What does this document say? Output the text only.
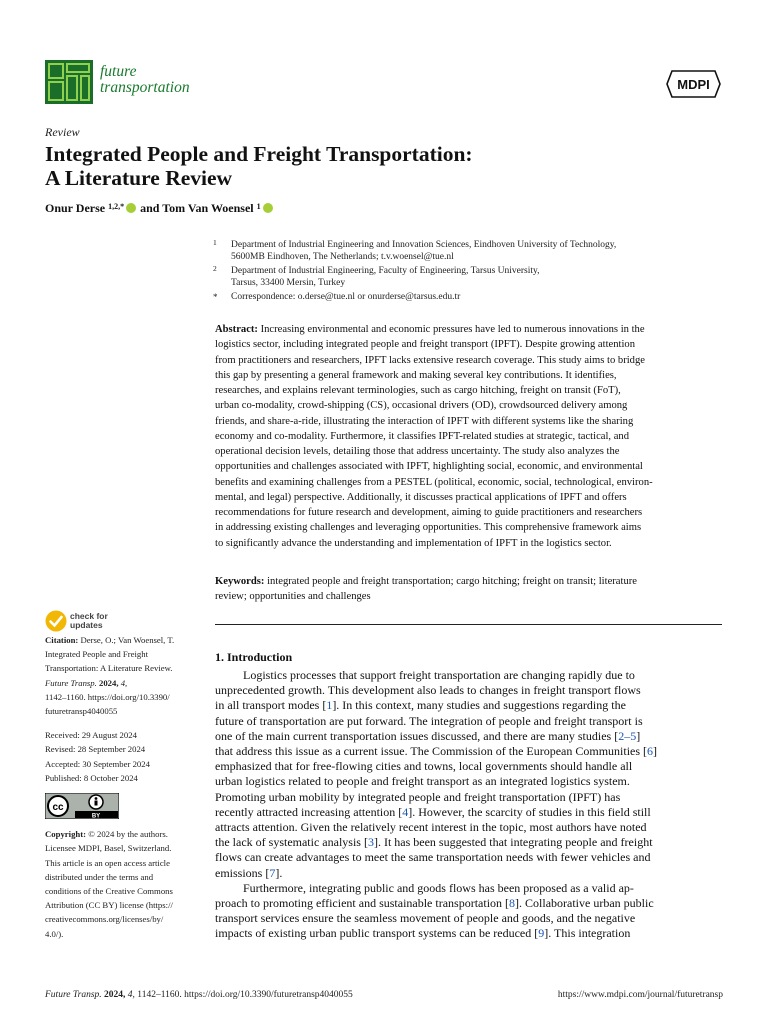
future
transportation	MDPI
Review
Integrated People and Freight Transportation:
A Literature Review
Onur Derse $^{1,2,*}$ and Tom Van Woensel $^1$
1 Department of Industrial Engineering and Innovation Sciences, Eindhoven University of Technology,
5600MB Eindhoven, The Netherlands; t.v.woensel@tue.nl
2 Department of Industrial Engineering, Faculty of Engineering, Tarsus University,
Tarsus, 33400 Mersin, Turkey
* Correspondence: o.derse@tue.nl or onurderse@tarsus.edu.tr

Abstract: Increasing environmental and economic pressures have led to numerous innovations in the

logistics sector, including integrated people and freight transport (IPFT). Despite growing attention

from practitioners and researchers, IPFT lacks extensive research coverage. This study aims to bridge

this gap by presenting a general framework and making several key contributions. It identifies,

researches, and explains relevant terminologies, such as cargo hitching, freight on transit (FoT),

urban co-modality, crowd-shipping (CS), occasional drivers (OD), crowdsourced delivery among

friends, and share-a-ride, illustrating the interaction of IPFT with different systems like the sharing

economy and co-modality. Furthermore, it classifies IPFT-related studies at strategic, tactical, and

operational decision levels, detailing those that address uncertainty. The study also analyzes the

opportunities and challenges associated with IPFT, highlighting social, economic, and environmental

benefits and examining challenges from a PESTEL (political, economic, social, technological, environ-

mental, and legal) perspective. Additionally, it discusses practical applications of IPFT and offers

recommendations for future research and development, aiming to guide practitioners and researchers

in addressing existing challenges and leveraging opportunities. This comprehensive framework aims

to significantly advance the understanding and implementation of IPFT in the logistics sector.

Keywords: integrated people and freight transportation; cargo hitching; freight on transit; literature

review; opportunities and challenges

check for
updates

Citation: Derse, O.; Van Woensel, T.

Integrated People and Freight

Transportation: A Literature Review.

Future Transp. 2024, 4,

1142–1160. https://doi.org/10.3390/

futuretransp4040055

Received: 29 August 2024

Revised: 28 September 2024

Accepted: 30 September 2024

Published: 8 October 2024

cc
BY

Copyright: © 2024 by the authors.

Licensee MDPI, Basel, Switzerland.

This article is an open access article

distributed under the terms and

conditions of the Creative Commons

Attribution (CC BY) license (https://

creativecommons.org/licenses/by/

4.0/).

1. Introduction

Logistics processes that support freight transportation are changing rapidly due to

unprecedented growth. This development also leads to changes in freight transport flows

in all transport modes [1]. In this context, many studies and suggestions regarding the

future of transportation are put forward. The integration of people and freight transport is

one of the main current transportation issues discussed, and there are many studies [2–5]

that address this issue as a current issue. The Commission of the European Communities [6]

emphasized that for free-flowing cities and towns, local governments should handle all

urban logistics related to people and freight transport as an integrated logistics system.

Promoting urban mobility by integrated people and freight transportation (IPFT) has

recently attracted increasing attention [4]. However, the scarcity of studies in this field still

attracts attention. Given the relatively recent interest in the topic, most authors have noted

the lack of systematic analysis [3]. It has been suggested that integrating people and freight

flows can create advantages to meet the same transportation needs with fewer vehicles and

emissions [7].

Furthermore, integrating public and goods flows has been proposed as a valid ap-

proach to promoting efficient and sustainable transportation [8]. Collaborative urban public

transport services ensure the seamless movement of people and goods, and the negative

impacts of existing urban public transport systems can be reduced [9]. This integration

Future Transp. 2024, 4, 1142–1160. https://doi.org/10.3390/futuretransp4040055	https://www.mdpi.com/journal/futuretransp
